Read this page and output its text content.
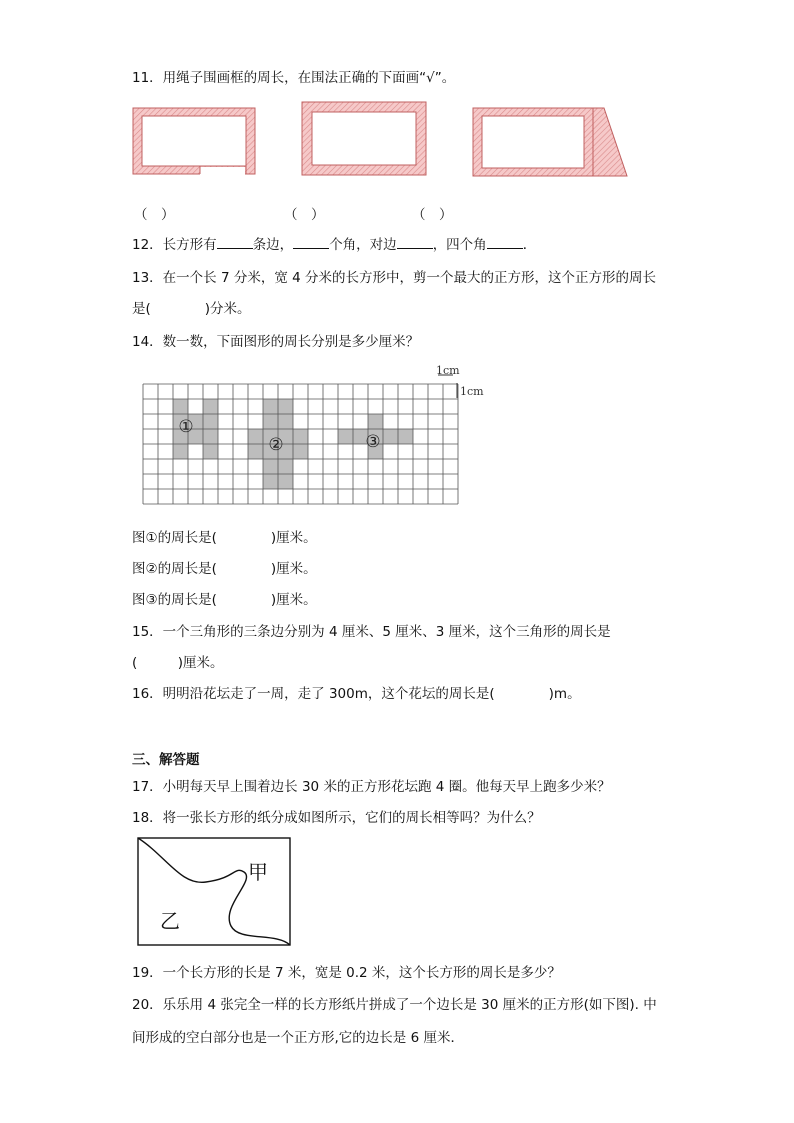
11．用绳子围画框的周长，在围法正确的下面画“√”。
（　）	（　）	（　）
12．长方形有	条边，	个角，对边	，四个角	．
13．在一个长 7 分米，宽 4 分米的长方形中，剪一个最大的正方形，这个正方形的周长
是(　　　　)分米。
14．数一数，下面图形的周长分别是多少厘米？
1cm
1cm
①
②	③
图①的周长是(　　　　)厘米。
图②的周长是(　　　　)厘米。
图③的周长是(　　　　)厘米。
15．一个三角形的三条边分别为 4 厘米、5 厘米、3 厘米，这个三角形的周长是
(　　　)厘米。
16．明明沿花坛走了一周，走了 300m，这个花坛的周长是(　　　　)m。
三、解答题
17．小明每天早上围着边长 30 米的正方形花坛跑 4 圈。他每天早上跑多少米？
18．将一张长方形的纸分成如图所示，它们的周长相等吗？为什么？
甲
乙
19．一个长方形的长是 7 米，宽是 0.2 米，这个长方形的周长是多少？
20．乐乐用 4 张完全一样的长方形纸片拼成了一个边长是 30 厘米的正方形(如下图). 中
间形成的空白部分也是一个正方形,它的边长是 6 厘米．
